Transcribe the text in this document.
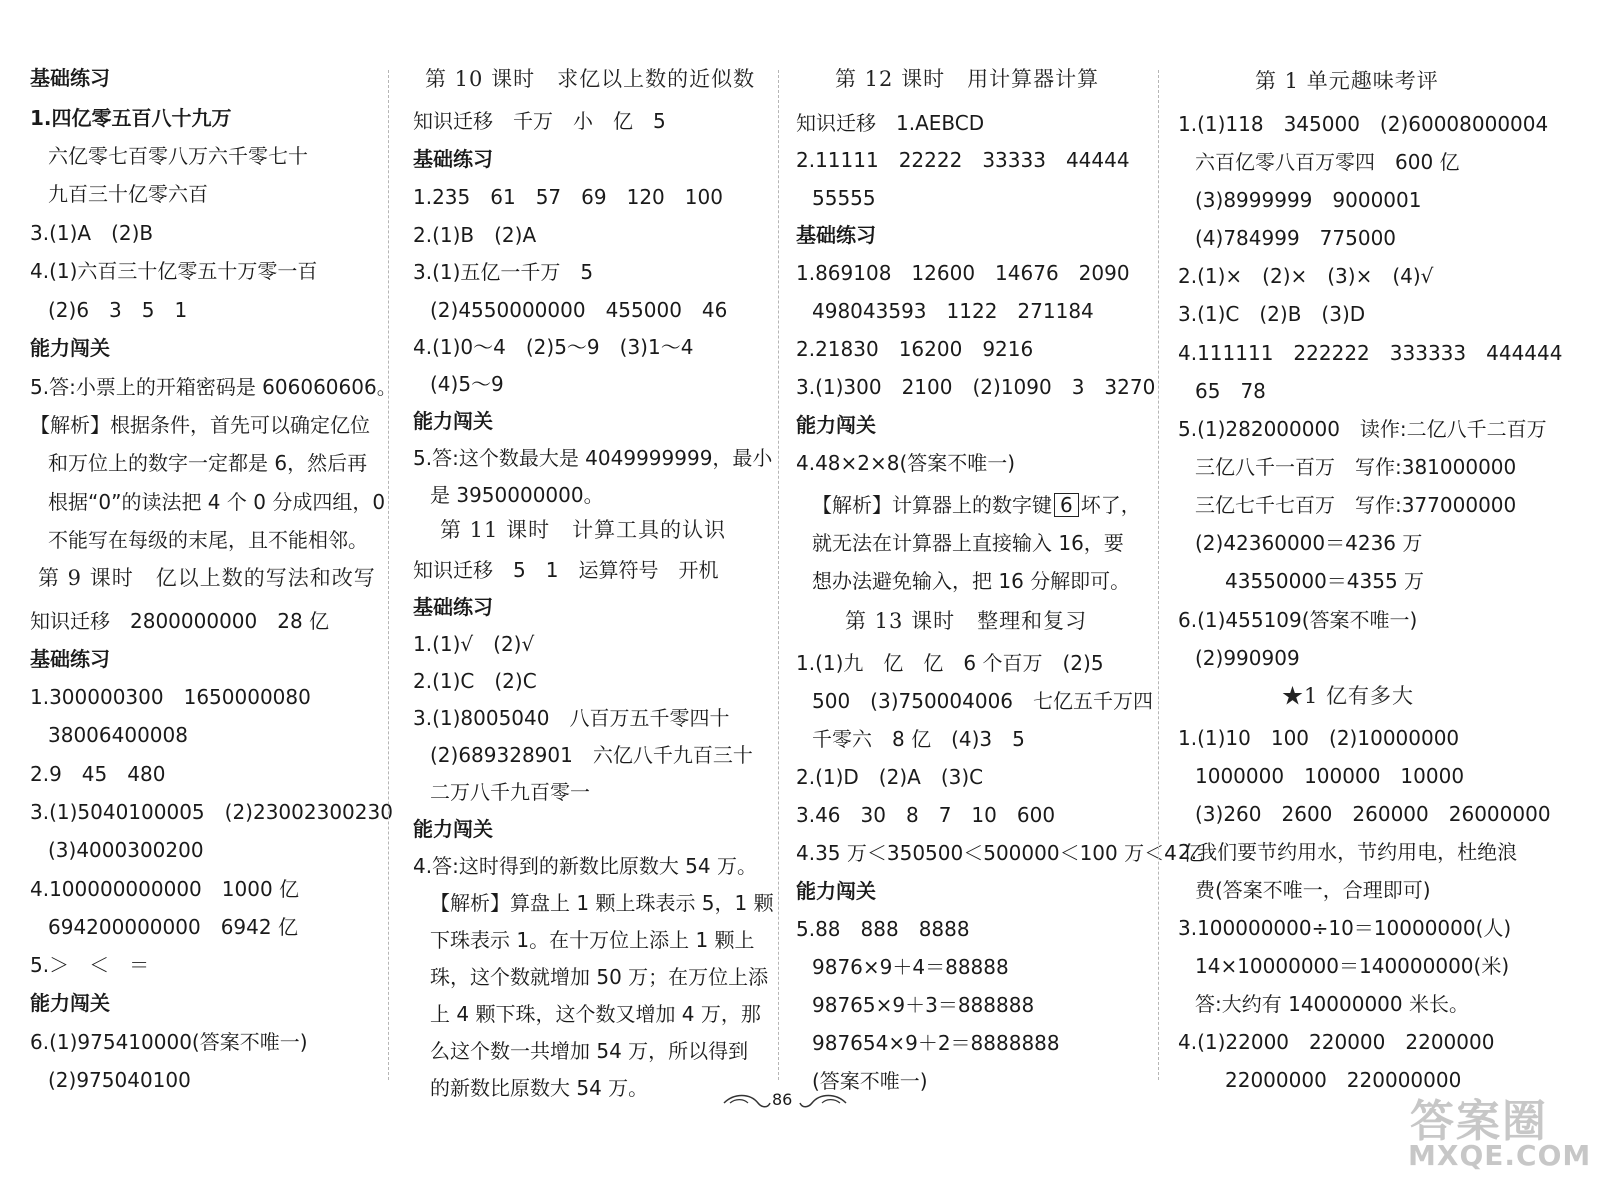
基础练习
1.四亿零五百八十九万
六亿零七百零八万六千零七十
九百三十亿零六百
3.(1)A　(2)B
4.(1)六百三十亿零五十万零一百
(2)6　3　5　1
能力闯关
5.答:小票上的开箱密码是 606060606。
【解析】根据条件，首先可以确定亿位
和万位上的数字一定都是 6，然后再
根据“0”的读法把 4 个 0 分成四组，0
不能写在每级的末尾，且不能相邻。
第 9 课时　亿以上数的写法和改写
知识迁移　2800000000　28 亿
基础练习
1.300000300　1650000080
38006400008
2.9　45　480
3.(1)5040100005　(2)23002300230
(3)4000300200
4.100000000000　1000 亿
694200000000　6942 亿
5.＞　＜　＝
能力闯关
6.(1)975410000(答案不唯一)
(2)975040100
第 10 课时　求亿以上数的近似数
知识迁移　千万　小　亿　5
基础练习
1.235　61　57　69　120　100
2.(1)B　(2)A
3.(1)五亿一千万　5
(2)4550000000　455000　46
4.(1)0～4　(2)5～9　(3)1～4
(4)5～9
能力闯关
5.答:这个数最大是 4049999999，最小
是 3950000000。
第 11 课时　计算工具的认识
知识迁移　5　1　运算符号　开机
基础练习
1.(1)√　(2)√
2.(1)C　(2)C
3.(1)8005040　八百万五千零四十
(2)689328901　六亿八千九百三十
二万八千九百零一
能力闯关
4.答:这时得到的新数比原数大 54 万。
【解析】算盘上 1 颗上珠表示 5，1 颗
下珠表示 1。在十万位上添上 1 颗上
珠，这个数就增加 50 万；在万位上添
上 4 颗下珠，这个数又增加 4 万，那
么这个数一共增加 54 万，所以得到
的新数比原数大 54 万。
第 12 课时　用计算器计算
知识迁移　1.AEBCD
2.11111　22222　33333　44444
55555
基础练习
1.869108　12600　14676　2090
498043593　1122　271184
2.21830　16200　9216
3.(1)300　2100　(2)1090　3　3270
能力闯关
4.48×2×8(答案不唯一)
【解析】计算器上的数字键 6 坏了，
就无法在计算器上直接输入 16，要
想办法避免输入，把 16 分解即可。
第 13 课时　整理和复习
1.(1)九　亿　亿　6 个百万　(2)5
500　(3)750004006　七亿五千万四
千零六　8 亿　(4)3　5
2.(1)D　(2)A　(3)C
3.46　30　8　7　10　600
4.35 万＜350500＜500000＜100 万＜4 亿
能力闯关
5.88　888　8888
9876×9＋4＝88888
98765×9＋3＝888888
987654×9＋2＝8888888
(答案不唯一)
第 1 单元趣味考评
1.(1)118　345000　(2)60008000004
六百亿零八百万零四　600 亿
(3)8999999　9000001
(4)784999　775000
2.(1)×　(2)×　(3)×　(4)√
3.(1)C　(2)B　(3)D
4.111111　222222　333333　444444
65　78
5.(1)282000000　读作:二亿八千二百万
三亿八千一百万　写作:381000000
三亿七千七百万　写作:377000000
(2)42360000＝4236 万
43550000＝4355 万
6.(1)455109(答案不唯一)
(2)990909
★1 亿有多大
1.(1)10　100　(2)10000000
1000000　100000　10000
(3)260　2600　260000　26000000
2.我们要节约用水，节约用电，杜绝浪
费(答案不唯一，合理即可)
3.100000000÷10＝10000000(人)
14×10000000＝140000000(米)
答:大约有 140000000 米长。
4.(1)22000　220000　2200000
22000000　220000000
86	答案圈
MXQE.COM
